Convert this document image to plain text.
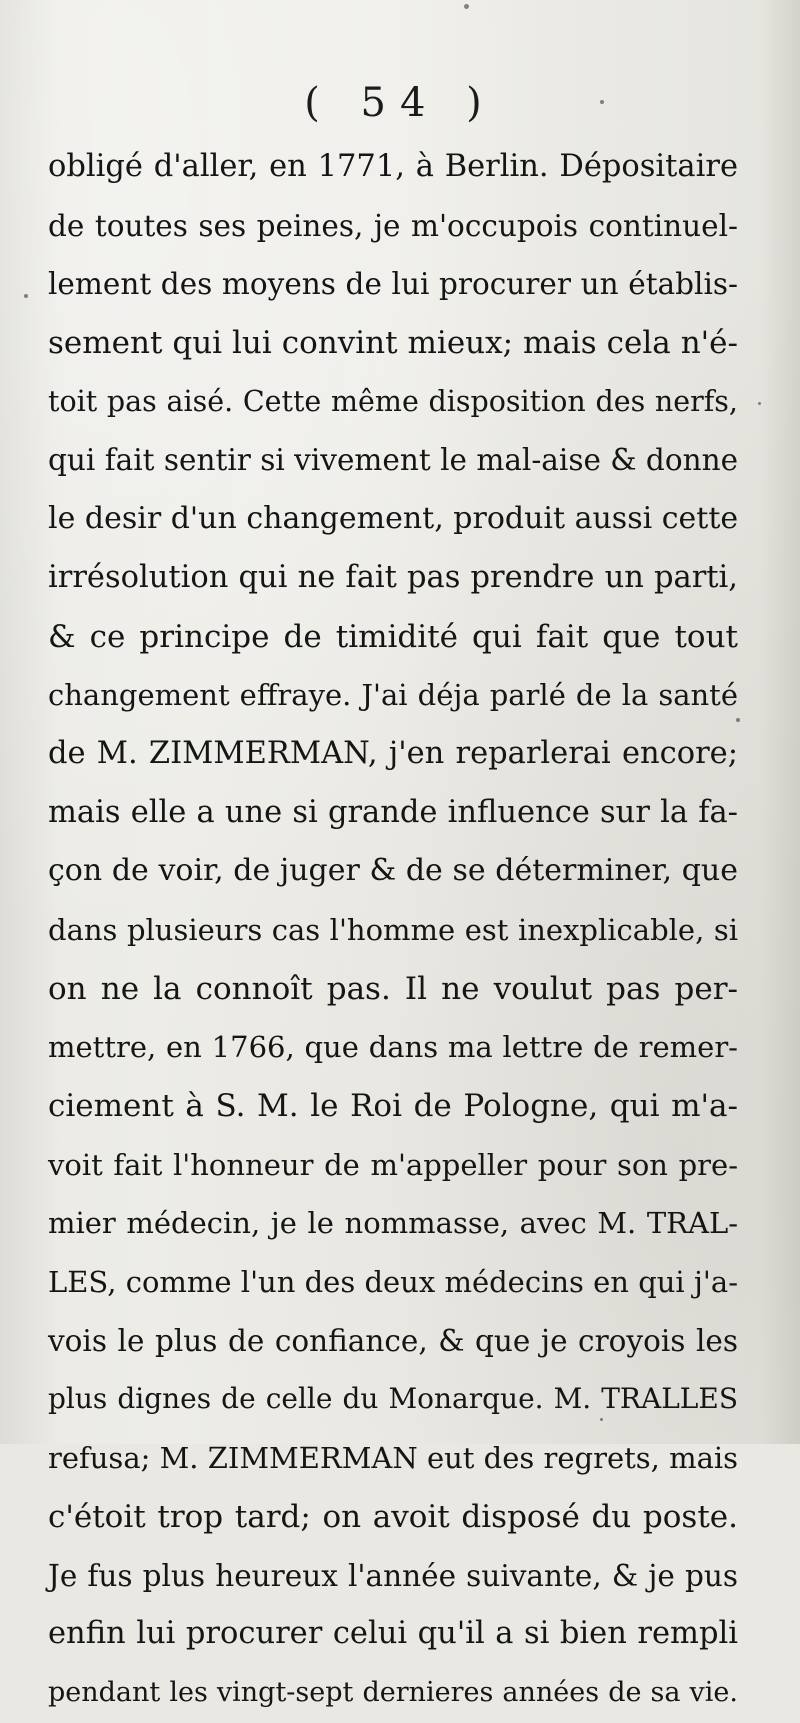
( 54 )
obligé d'aller, en 1771, à Berlin. Dépositaire
de toutes ses peines, je m'occupois continuel-
lement des moyens de lui procurer un établis-
sement qui lui convint mieux; mais cela n'é-
toit pas aisé. Cette même disposition des nerfs,
qui fait sentir si vivement le mal-aise & donne
le desir d'un changement, produit aussi cette
irrésolution qui ne fait pas prendre un parti,
& ce principe de timidité qui fait que tout
changement effraye. J'ai déja parlé de la santé
de M. ZIMMERMAN, j'en reparlerai encore;
mais elle a une si grande influence sur la fa-
çon de voir, de juger & de se déterminer, que
dans plusieurs cas l'homme est inexplicable, si
on ne la connoît pas. Il ne voulut pas per-
mettre, en 1766, que dans ma lettre de remer-
ciement à S. M. le Roi de Pologne, qui m'a-
voit fait l'honneur de m'appeller pour son pre-
mier médecin, je le nommasse, avec M. TRAL-
LES, comme l'un des deux médecins en qui j'a-
vois le plus de confiance, & que je croyois les
plus dignes de celle du Monarque. M. TRALLES
refusa; M. ZIMMERMAN eut des regrets, mais
c'étoit trop tard; on avoit disposé du poste.
Je fus plus heureux l'année suivante, & je pus
enfin lui procurer celui qu'il a si bien rempli
pendant les vingt-sept dernieres années de sa vie.
